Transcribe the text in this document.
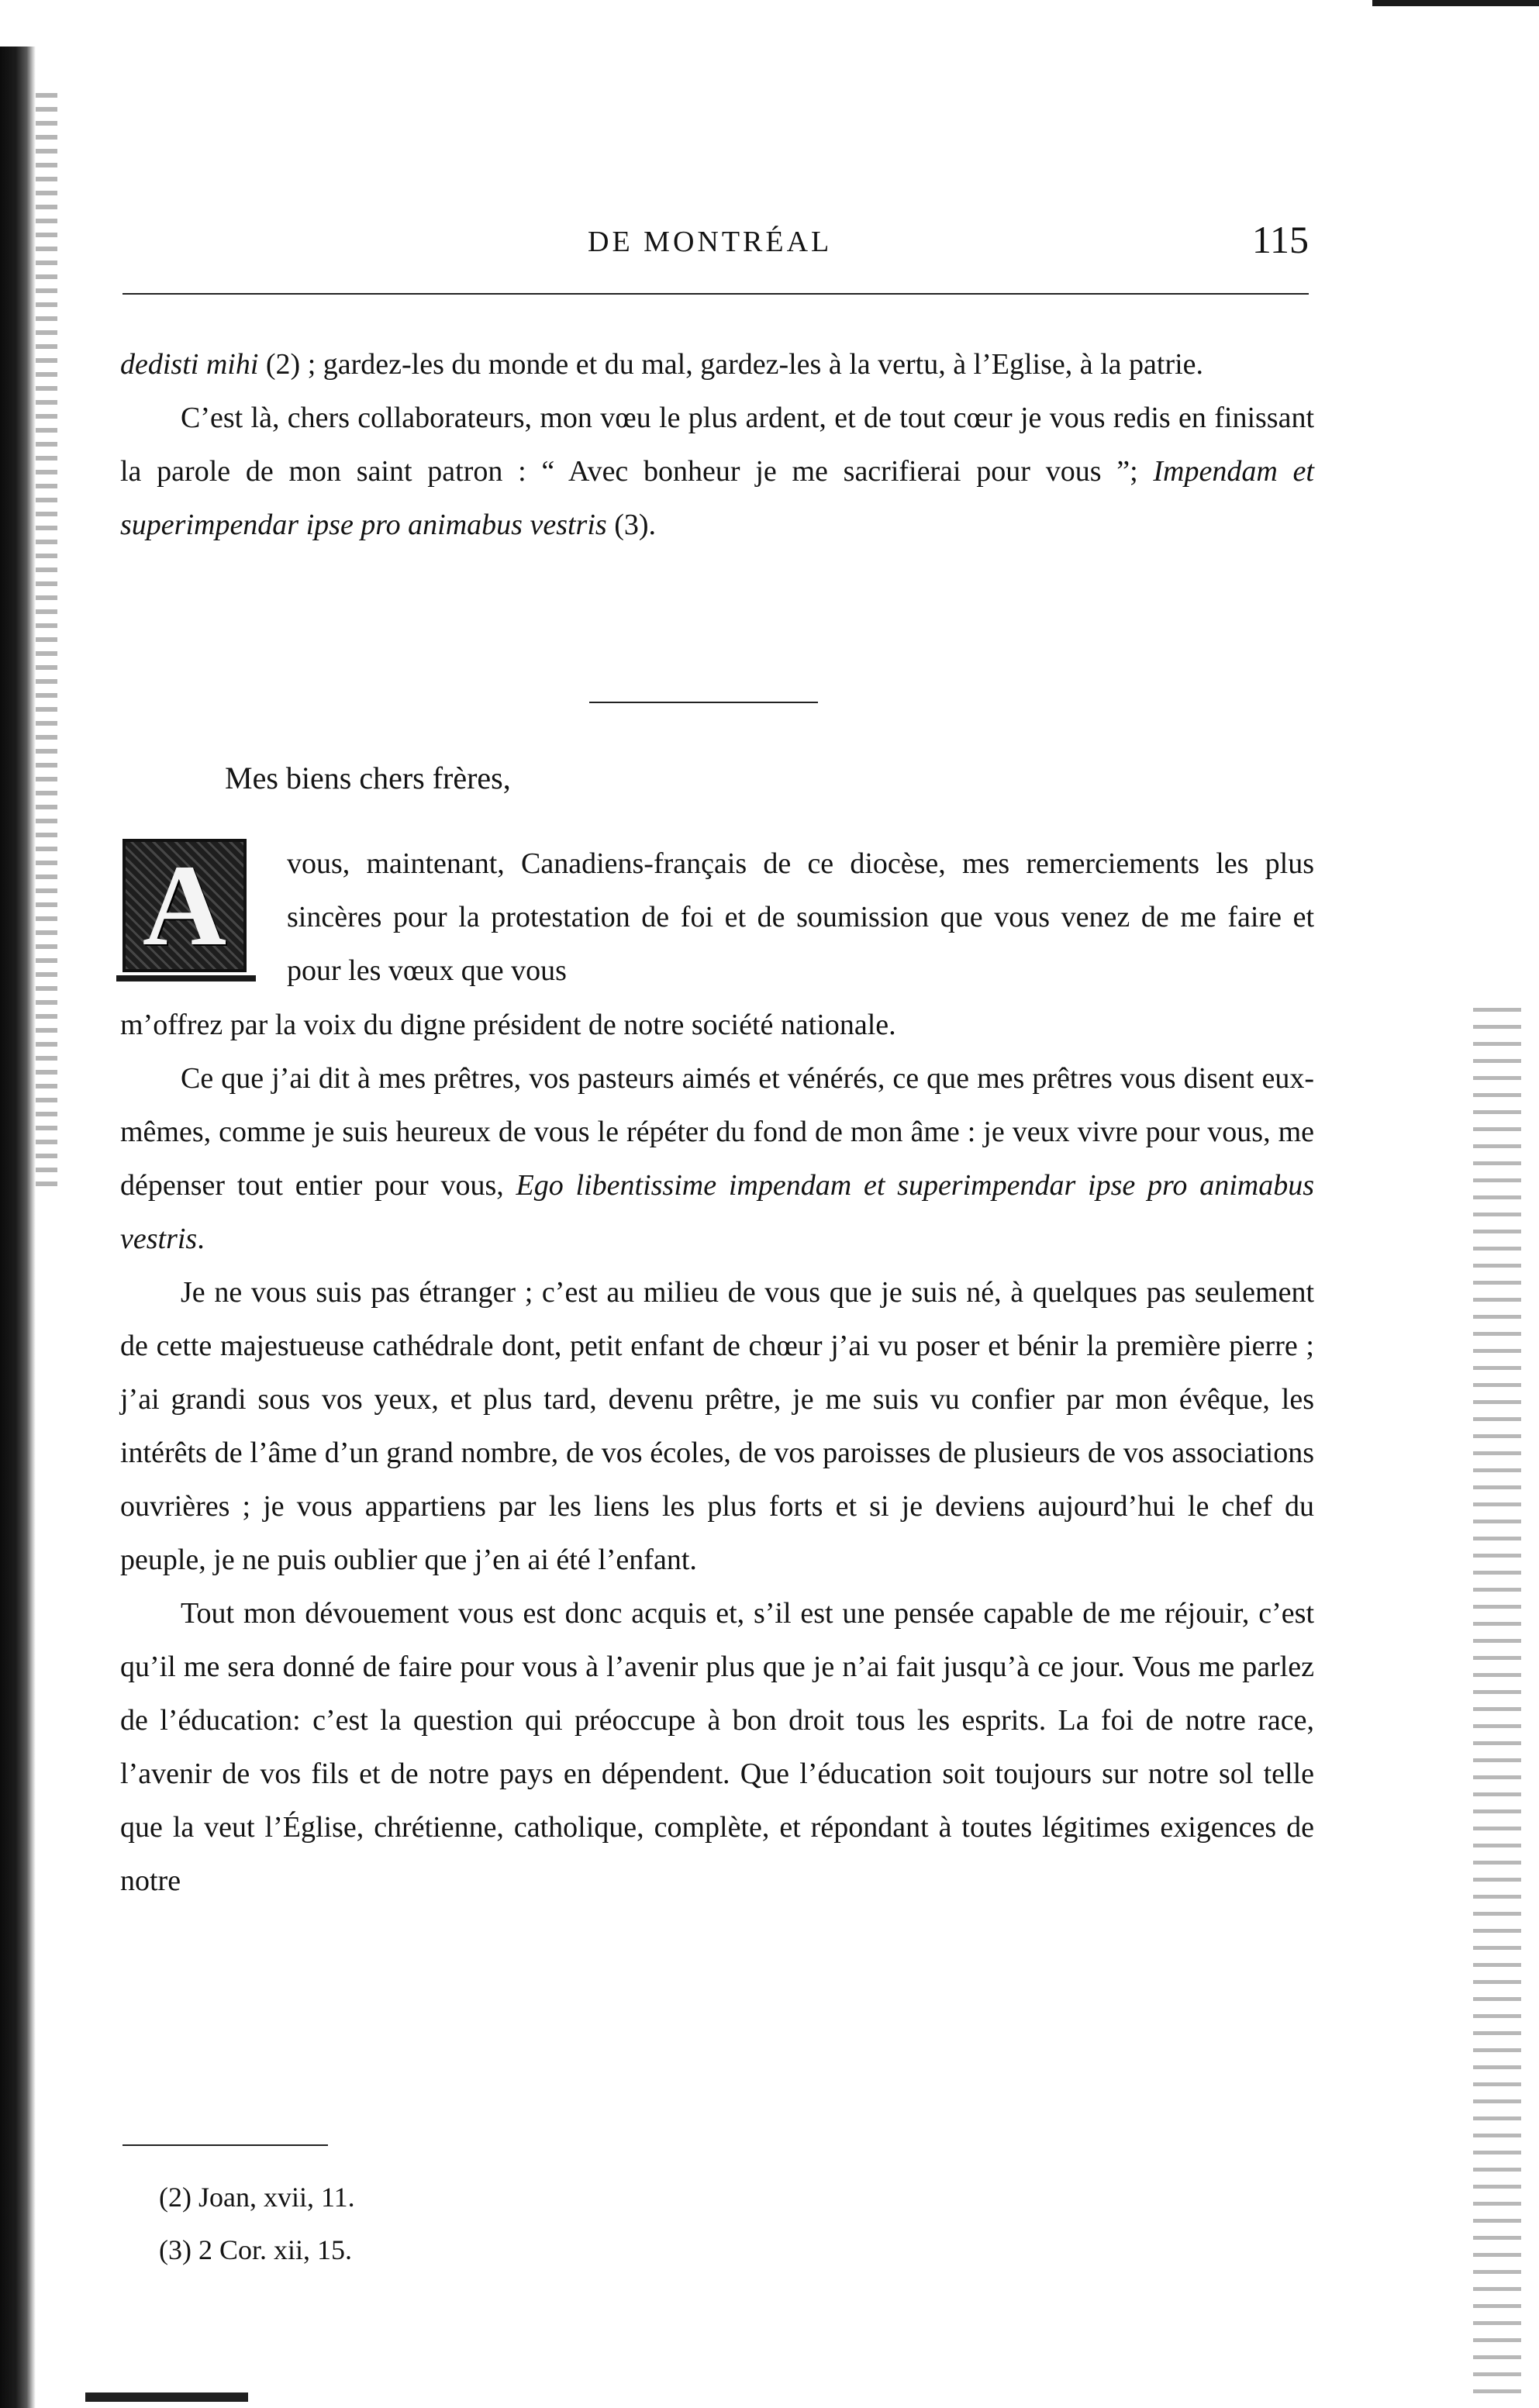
DE MONTRÉAL	115

dedisti mihi (2) ; gardez-les du monde et du mal, gardez-les à la vertu, à l’Eglise, à la patrie.

C’est là, chers collaborateurs, mon vœu le plus ardent, et de tout cœur je vous redis en finissant la parole de mon saint patron : “ Avec bonheur je me sacrifierai pour vous ”; Impendam et superimpendar ipse pro animabus vestris (3).

Mes biens chers frères,
A vous, maintenant, Canadiens-français de ce diocèse, mes remerciements les plus sincères pour la protestation de foi et de soumission que vous venez de me faire et pour les vœux que vous

m’offrez par la voix du digne président de notre société nationale.

Ce que j’ai dit à mes prêtres, vos pasteurs aimés et vénérés, ce que mes prêtres vous disent eux-mêmes, comme je suis heureux de vous le répéter du fond de mon âme : je veux vivre pour vous, me dépenser tout entier pour vous, Ego libentissime impendam et superimpendar ipse pro animabus vestris.

Je ne vous suis pas étranger ; c’est au milieu de vous que je suis né, à quelques pas seulement de cette majestueuse cathédrale dont, petit enfant de chœur j’ai vu poser et bénir la première pierre ; j’ai grandi sous vos yeux, et plus tard, devenu prêtre, je me suis vu confier par mon évêque, les intérêts de l’âme d’un grand nombre, de vos écoles, de vos paroisses de plusieurs de vos associations ouvrières ; je vous appartiens par les liens les plus forts et si je deviens aujourd’hui le chef du peuple, je ne puis oublier que j’en ai été l’enfant.

Tout mon dévouement vous est donc acquis et, s’il est une pensée capable de me réjouir, c’est qu’il me sera donné de faire pour vous à l’avenir plus que je n’ai fait jusqu’à ce jour. Vous me parlez de l’éducation: c’est la question qui préoccupe à bon droit tous les esprits. La foi de notre race, l’avenir de vos fils et de notre pays en dépendent. Que l’éducation soit toujours sur notre sol telle que la veut l’Église, chrétienne, catholique, complète, et répondant à toutes légitimes exigences de notre

(2) Joan, xvii, 11.
(3) 2 Cor. xii, 15.
